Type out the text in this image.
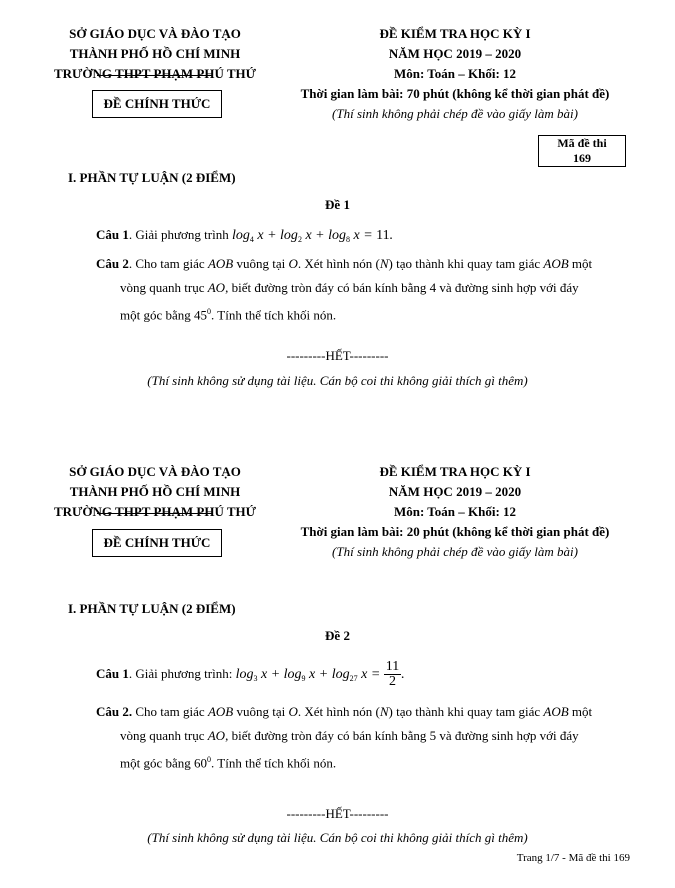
SỞ GIÁO DỤC VÀ ĐÀO TẠO
THÀNH PHỐ HỒ CHÍ MINH
TRƯỜNG THPT PHẠM PHÚ THỨ
ĐỀ KIỂM TRA HỌC KỲ I
NĂM HỌC 2019 – 2020
Môn: Toán – Khối: 12
Thời gian làm bài: 70 phút (không kể thời gian phát đề)
(Thí sinh không phải chép đề vào giấy làm bài)
ĐỀ CHÍNH THỨC
Mã đề thi
169
I. PHẦN TỰ LUẬN (2 ĐIỂM)
Đề 1
Câu 1. Giải phương trình $\log_4 x + \log_2 x + \log_8 x = 11$.
Câu 2. Cho tam giác AOB vuông tại O. Xét hình nón (N) tạo thành khi quay tam giác AOB một
vòng quanh trục AO, biết đường tròn đáy có bán kính bằng 4 và đường sinh hợp với đáy
một góc bằng $45^0$. Tính thể tích khối nón.
---------HẾT---------
(Thí sinh không sử dụng tài liệu. Cán bộ coi thi không giải thích gì thêm)
SỞ GIÁO DỤC VÀ ĐÀO TẠO
THÀNH PHỐ HỒ CHÍ MINH
TRƯỜNG THPT PHẠM PHÚ THỨ
ĐỀ KIỂM TRA HỌC KỲ I
NĂM HỌC 2019 – 2020
Môn: Toán – Khối: 12
Thời gian làm bài: 20 phút (không kể thời gian phát đề)
(Thí sinh không phải chép đề vào giấy làm bài)
ĐỀ CHÍNH THỨC
I. PHẦN TỰ LUẬN (2 ĐIỂM)
Đề 2
Câu 1. Giải phương trình: $\log_3 x + \log_9 x + \log_{27} x = \frac{11}{2}$ .
Câu 2. Cho tam giác AOB vuông tại O. Xét hình nón (N) tạo thành khi quay tam giác AOB một
vòng quanh trục AO, biết đường tròn đáy có bán kính bằng 5 và đường sinh hợp với đáy
một góc bằng $60^0$. Tính thể tích khối nón.
---------HẾT---------
(Thí sinh không sử dụng tài liệu. Cán bộ coi thi không giải thích gì thêm)
Trang 1/7 - Mã đề thi 169
